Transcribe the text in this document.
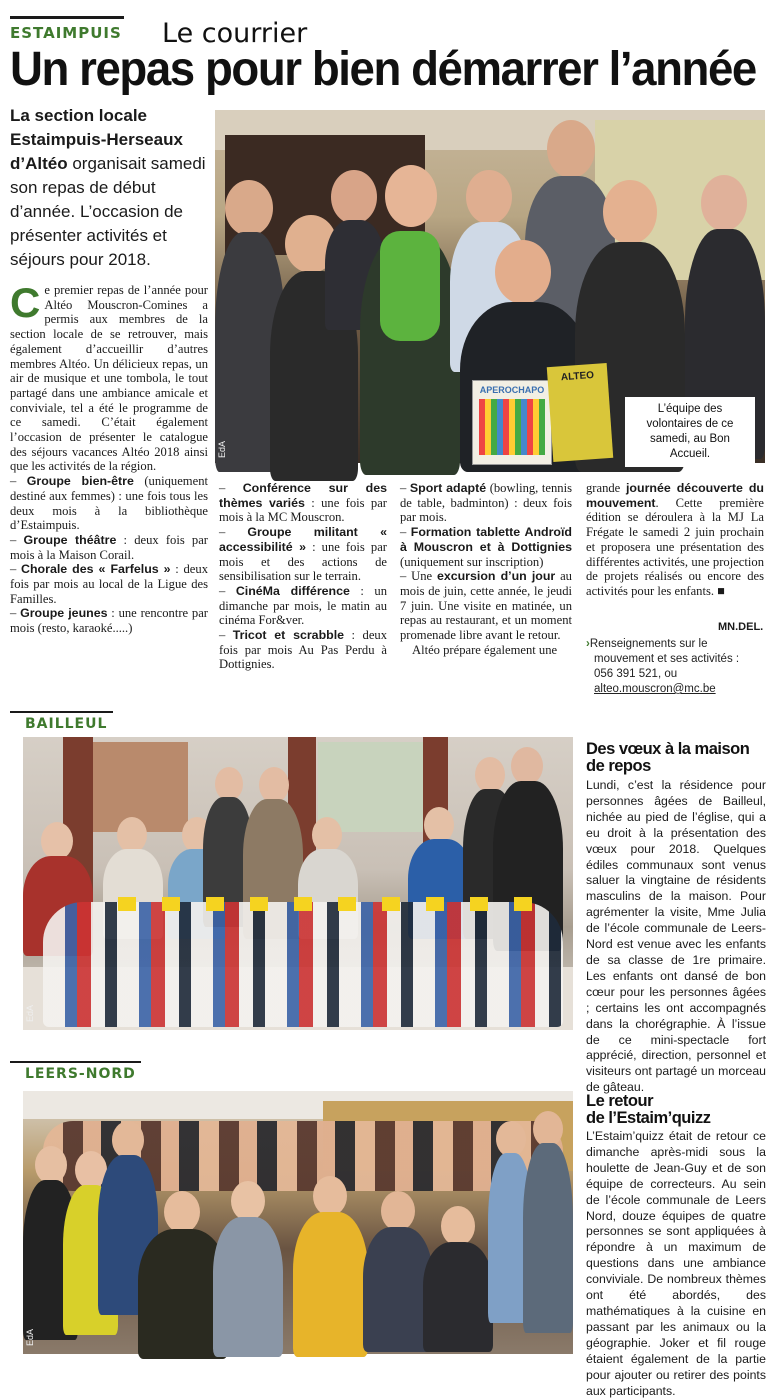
ESTAIMPUIS Le courrier
Un repas pour bien démarrer l’année
La section locale Estaimpuis-Herseaux d’Altéo organisait samedi son repas de début d’année. L’occasion de présenter activités et séjours pour 2018.
APEROCHAPO
ALTEO
L’équipe des volontaires de ce samedi, au Bon Accueil.
EdA
Ce premier repas de l’année pour Altéo Mouscron-Comines a permis aux membres de la section locale de se retrouver, mais également d’accueillir d’autres membres Altéo. Un délicieux repas, un air de musique et une tombola, le tout partagé dans une ambiance amicale et conviviale, tel a été le programme de ce samedi. C’était également l’occasion de présenter le catalogue des séjours vacances Altéo 2018 ainsi que les activités de la région.

– Groupe bien-être (uniquement destiné aux femmes) : une fois tous les deux mois à la bibliothèque d’Estaimpuis.

– Groupe théâtre : deux fois par mois à la Maison Corail.

– Chorale des « Farfelus » : deux fois par mois au local de la Ligue des Familles.

– Groupe jeunes : une rencontre par mois (resto, karaoké.....)

– Conférence sur des thèmes variés : une fois par mois à la MC Mouscron.

– Groupe militant « accessibilité » : une fois par mois et des actions de sensibilisation sur le terrain.

– CinéMa différence : un dimanche par mois, le matin au cinéma For&ver.

– Tricot et scrabble : deux fois par mois Au Pas Perdu à Dottignies.

– Sport adapté (bowling, tennis de table, badminton) : deux fois par mois.

– Formation tablette Androïd à Mouscron et à Dottignies (uniquement sur inscription)

– Une excursion d’un jour au mois de juin, cette année, le jeudi 7 juin. Une visite en matinée, un repas au restaurant, et un moment promenade libre avant le retour.

Altéo prépare également une

grande journée découverte du mouvement. Cette première édition se déroulera à la MJ La Frégate le samedi 2 juin prochain et proposera une présentation des différentes activités, une projection de projets réalisés ou encore des activités pour les enfants. ■
MN.DEL.
›Renseignements sur le
mouvement et ses activités :
056 391 521, ou alteo.mouscron@mc.be
BAILLEUL
EdA
Des vœux à la maison de repos
Lundi, c’est la résidence pour personnes âgées de Bailleul, nichée au pied de l’église, qui a eu droit à la présentation des vœux pour 2018. Quelques édiles communaux sont venus saluer la vingtaine de résidents masculins de la maison. Pour agrémenter la visite, Mme Julia de l’école communale de Leers-Nord est venue avec les enfants de sa classe de 1re primaire. Les enfants ont dansé de bon cœur pour les personnes âgées ; certains les ont accompagnés dans la chorégraphie. À l’issue de ce mini-spectacle fort apprécié, direction, personnel et visiteurs ont partagé un morceau de gâteau.
LEERS-NORD
EdA
Le retour
de l’Estaim’quizz
L’Estaim’quizz était de retour ce dimanche après-midi sous la houlette de Jean-Guy et de son équipe de correcteurs. Au sein de l’école communale de Leers Nord, douze équipes de quatre personnes se sont appliquées à répondre à un maximum de questions dans une ambiance conviviale. De nombreux thèmes ont été abordés, des mathématiques à la cuisine en passant par les animaux ou la géographie. Joker et fil rouge étaient également de la partie pour ajouter ou retirer des points aux participants.
